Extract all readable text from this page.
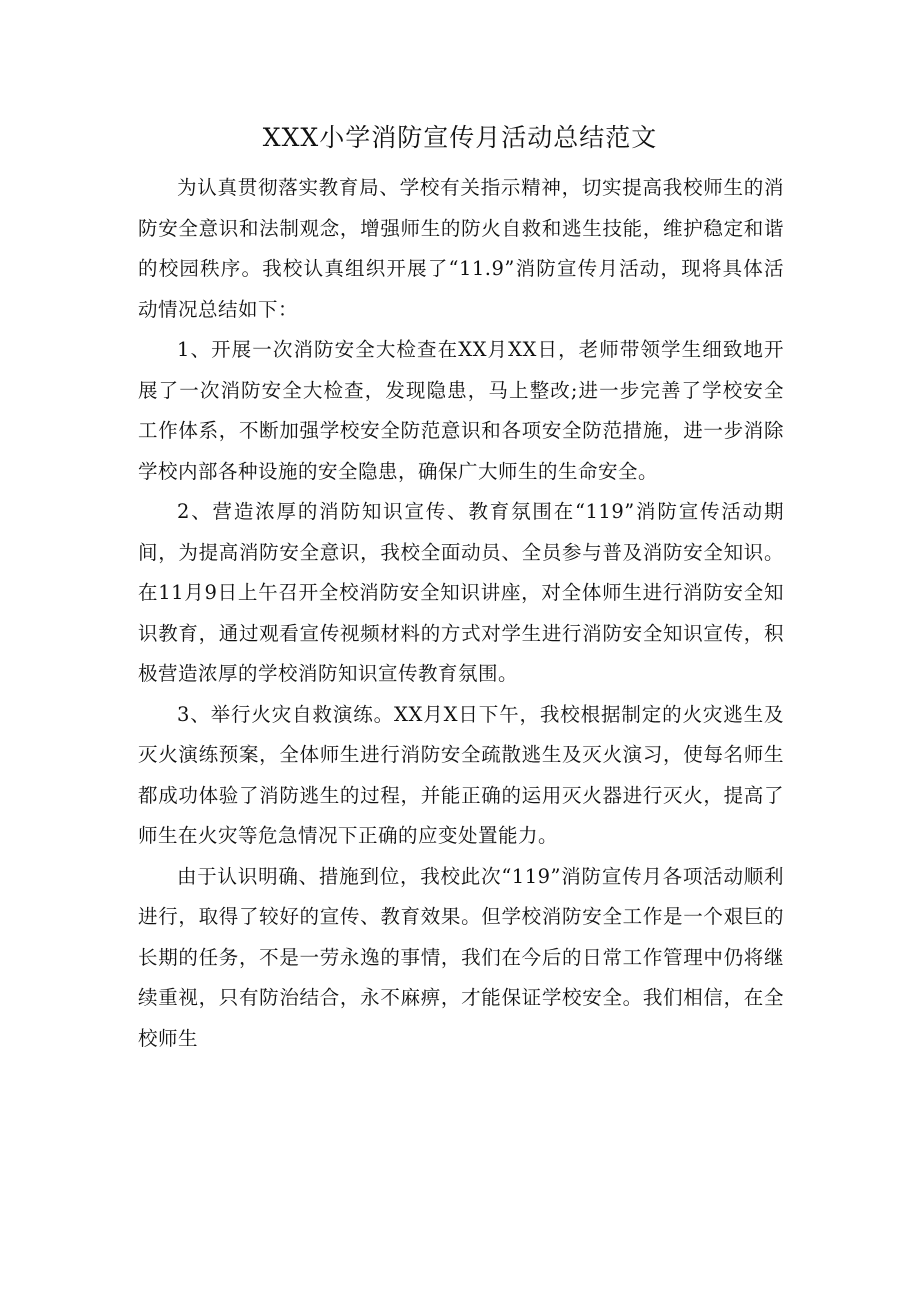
XXX小学消防宣传月活动总结范文

为认真贯彻落实教育局、学校有关指示精神，切实提高我校师生的消防安全意识和法制观念，增强师生的防火自救和逃生技能，维护稳定和谐的校园秩序。我校认真组织开展了“11.9”消防宣传月活动，现将具体活动情况总结如下：

1、开展一次消防安全大检查在XX月XX日，老师带领学生细致地开展了一次消防安全大检查，发现隐患，马上整改;进一步完善了学校安全工作体系，不断加强学校安全防范意识和各项安全防范措施，进一步消除学校内部各种设施的安全隐患，确保广大师生的生命安全。

2、营造浓厚的消防知识宣传、教育氛围在“119”消防宣传活动期间，为提高消防安全意识，我校全面动员、全员参与普及消防安全知识。在11月9日上午召开全校消防安全知识讲座，对全体师生进行消防安全知识教育，通过观看宣传视频材料的方式对学生进行消防安全知识宣传，积极营造浓厚的学校消防知识宣传教育氛围。

3、举行火灾自救演练。XX月X日下午，我校根据制定的火灾逃生及灭火演练预案，全体师生进行消防安全疏散逃生及灭火演习，使每名师生都成功体验了消防逃生的过程，并能正确的运用灭火器进行灭火，提高了师生在火灾等危急情况下正确的应变处置能力。

由于认识明确、措施到位，我校此次“119”消防宣传月各项活动顺利进行，取得了较好的宣传、教育效果。但学校消防安全工作是一个艰巨的长期的任务，不是一劳永逸的事情，我们在今后的日常工作管理中仍将继续重视，只有防治结合，永不麻痹，才能保证学校安全。我们相信，在全校师生
